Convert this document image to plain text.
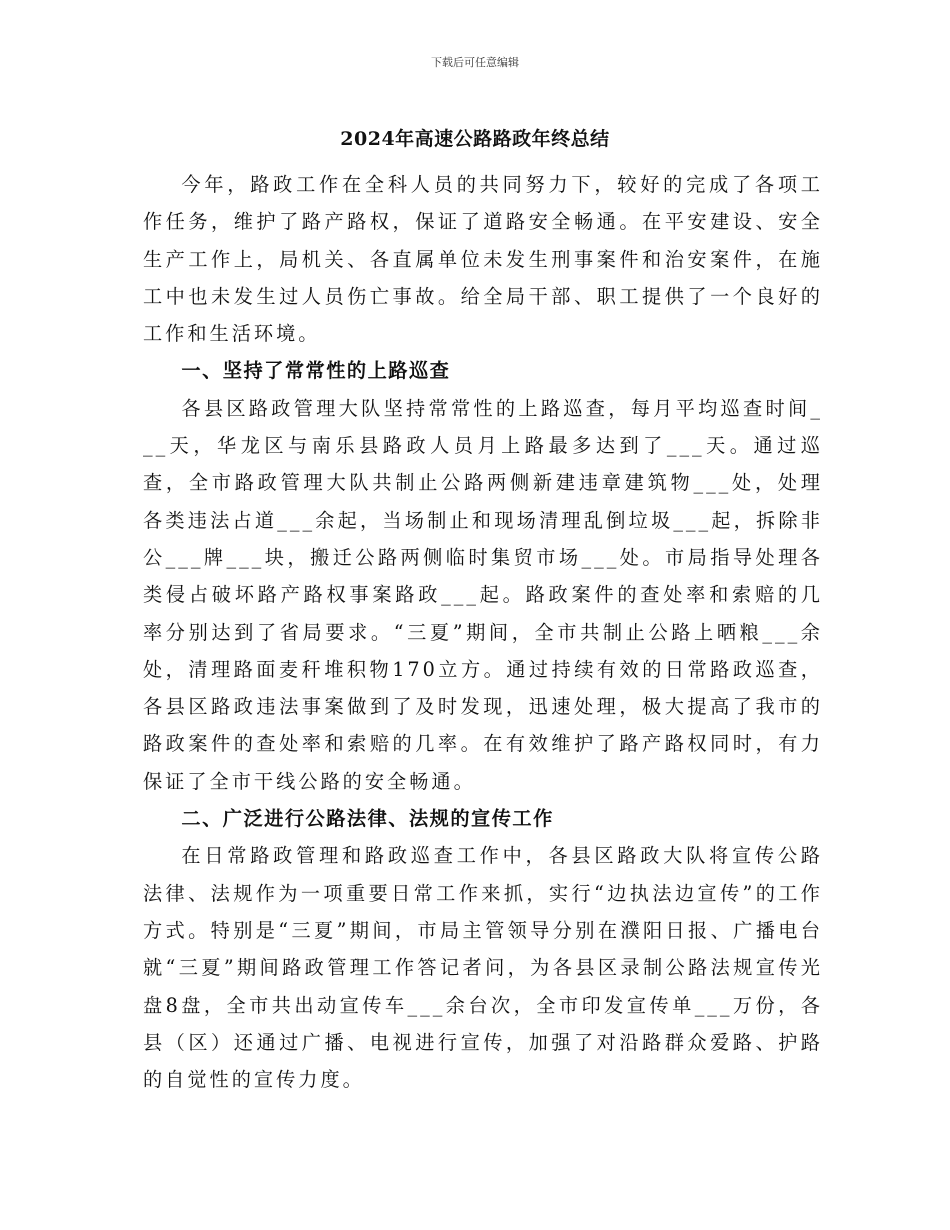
下载后可任意编辑
2024年高速公路路政年终总结

今年，路政工作在全科人员的共同努力下，较好的完成了各项工作任务，维护了路产路权，保证了道路安全畅通。在平安建设、安全生产工作上，局机关、各直属单位未发生刑事案件和治安案件，在施工中也未发生过人员伤亡事故。给全局干部、职工提供了一个良好的工作和生活环境。

一、坚持了常常性的上路巡查

各县区路政管理大队坚持常常性的上路巡查，每月平均巡查时间___天，华龙区与南乐县路政人员月上路最多达到了___天。通过巡查，全市路政管理大队共制止公路两侧新建违章建筑物___处，处理各类违法占道___余起，当场制止和现场清理乱倒垃圾___起，拆除非公___牌___块，搬迁公路两侧临时集贸市场___处。市局指导处理各类侵占破坏路产路权事案路政___起。路政案件的查处率和索赔的几率分别达到了省局要求。“三夏”期间，全市共制止公路上晒粮___余处，清理路面麦秆堆积物170立方。通过持续有效的日常路政巡查，各县区路政违法事案做到了及时发现，迅速处理，极大提高了我市的路政案件的查处率和索赔的几率。在有效维护了路产路权同时，有力保证了全市干线公路的安全畅通。

二、广泛进行公路法律、法规的宣传工作

在日常路政管理和路政巡查工作中，各县区路政大队将宣传公路法律、法规作为一项重要日常工作来抓，实行“边执法边宣传”的工作方式。特别是“三夏”期间，市局主管领导分别在濮阳日报、广播电台就“三夏”期间路政管理工作答记者问，为各县区录制公路法规宣传光盘8盘，全市共出动宣传车___余台次，全市印发宣传单___万份，各县（区）还通过广播、电视进行宣传，加强了对沿路群众爱路、护路的自觉性的宣传力度。
